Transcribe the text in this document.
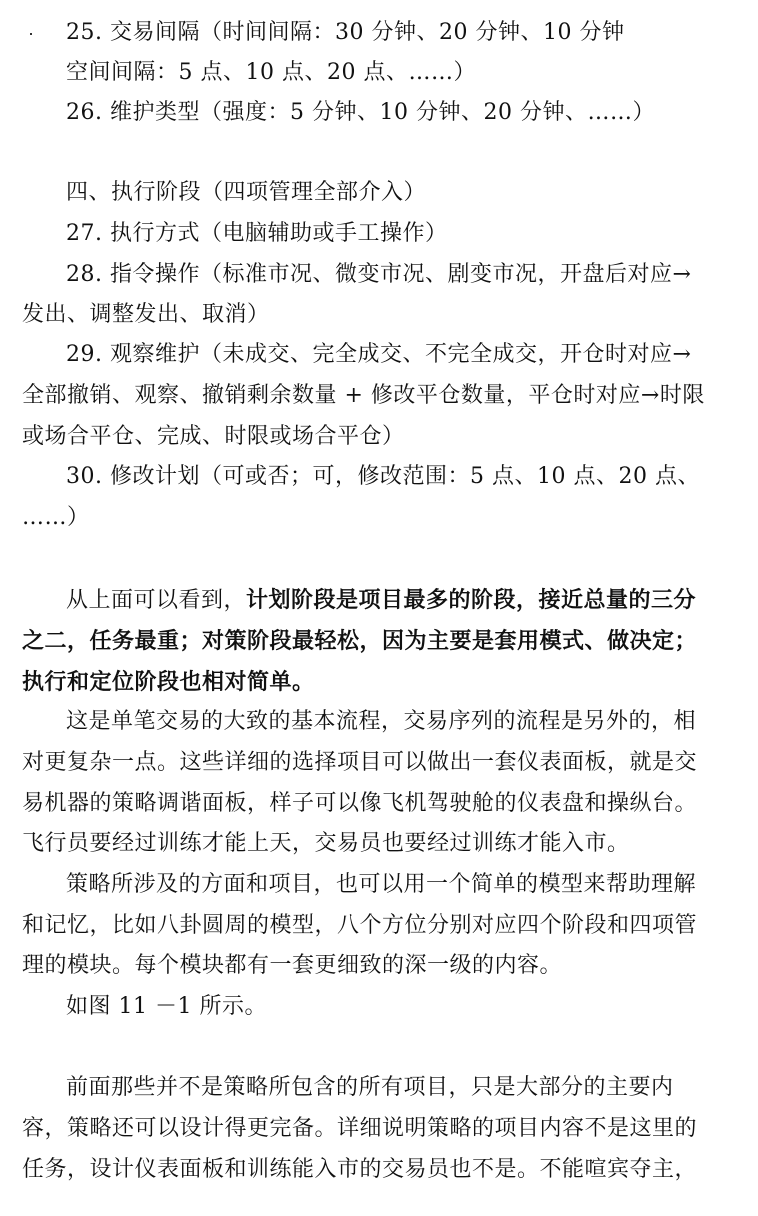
25. 交易间隔（时间间隔：30 分钟、20 分钟、10 分钟
空间间隔：5 点、10 点、20 点、……）
26. 维护类型（强度：5 分钟、10 分钟、20 分钟、……）
四、执行阶段（四项管理全部介入）
27. 执行方式（电脑辅助或手工操作）
28. 指令操作（标准市况、微变市况、剧变市况，开盘后对应→
发出、调整发出、取消）
29. 观察维护（未成交、完全成交、不完全成交，开仓时对应→
全部撤销、观察、撤销剩余数量 + 修改平仓数量，平仓时对应→时限
或场合平仓、完成、时限或场合平仓）
30. 修改计划（可或否；可，修改范围：5 点、10 点、20 点、
……）
从上面可以看到，计划阶段是项目最多的阶段，接近总量的三分
之二，任务最重；对策阶段最轻松，因为主要是套用模式、做决定；
执行和定位阶段也相对简单。
这是单笔交易的大致的基本流程，交易序列的流程是另外的，相
对更复杂一点。这些详细的选择项目可以做出一套仪表面板，就是交
易机器的策略调谐面板，样子可以像飞机驾驶舱的仪表盘和操纵台。
飞行员要经过训练才能上天，交易员也要经过训练才能入市。
策略所涉及的方面和项目，也可以用一个简单的模型来帮助理解
和记忆，比如八卦圆周的模型，八个方位分别对应四个阶段和四项管
理的模块。每个模块都有一套更细致的深一级的内容。
如图 11 －1 所示。
前面那些并不是策略所包含的所有项目，只是大部分的主要内
容，策略还可以设计得更完备。详细说明策略的项目内容不是这里的
任务，设计仪表面板和训练能入市的交易员也不是。不能喧宾夺主，
